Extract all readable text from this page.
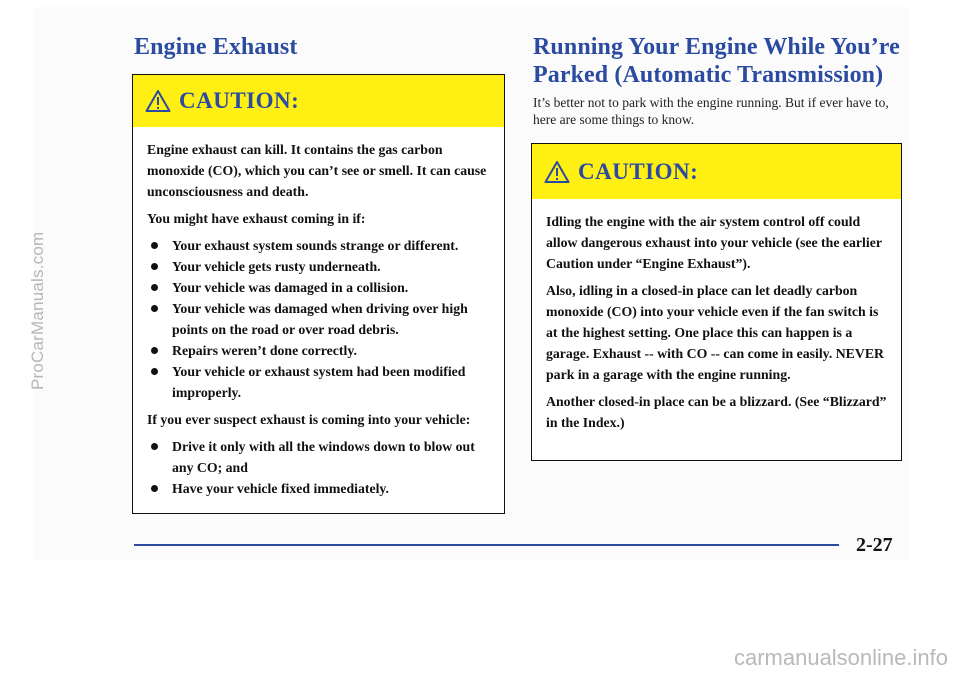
ProCarManuals.com
Engine Exhaust
CAUTION:

Engine exhaust can kill. It contains the gas carbon monoxide (CO), which you can’t see or smell. It can cause unconsciousness and death.

You might have exhaust coming in if:

Your exhaust system sounds strange or different.
Your vehicle gets rusty underneath.
Your vehicle was damaged in a collision.
Your vehicle was damaged when driving over high points on the road or over road debris.
Repairs weren’t done correctly.
Your vehicle or exhaust system had been modified improperly.

If you ever suspect exhaust is coming into your vehicle:

Drive it only with all the windows down to blow out any CO; and
Have your vehicle fixed immediately.
Running Your Engine While You’re Parked (Automatic Transmission)
It’s better not to park with the engine running. But if ever have to, here are some things to know.
CAUTION:

Idling the engine with the air system control off could allow dangerous exhaust into your vehicle (see the earlier Caution under “Engine Exhaust”).

Also, idling in a closed-in place can let deadly carbon monoxide (CO) into your vehicle even if the fan switch is at the highest setting. One place this can happen is a garage. Exhaust -- with CO -- can come in easily. NEVER park in a garage with the engine running.

Another closed-in place can be a blizzard. (See “Blizzard” in the Index.)

2-27
carmanualsonline.info
